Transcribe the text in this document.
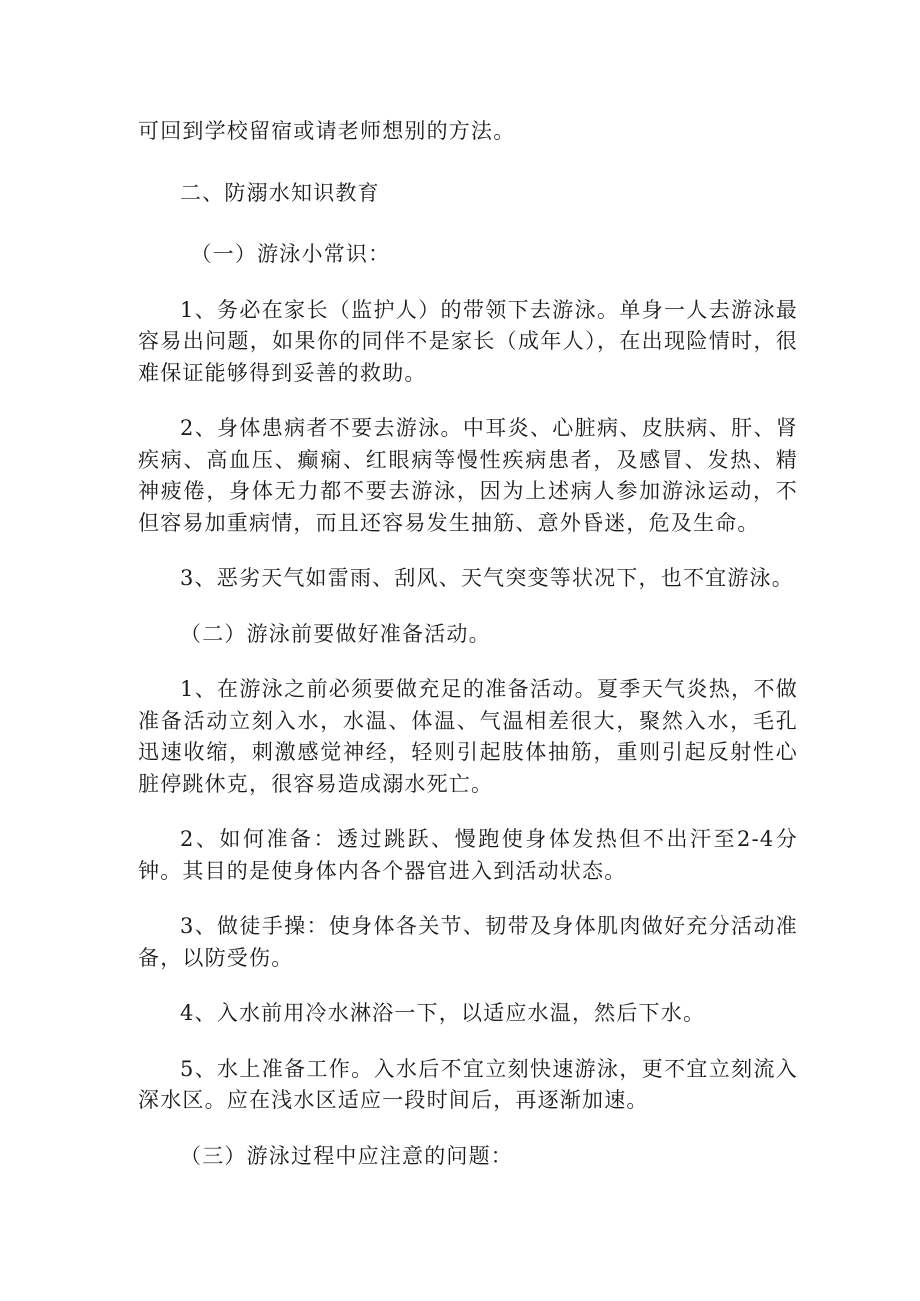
可回到学校留宿或请老师想别的方法。

二、防溺水知识教育

（一）游泳小常识：

1、务必在家长（监护人）的带领下去游泳。单身一人去游泳最容易出问题，如果你的同伴不是家长（成年人），在出现险情时，很难保证能够得到妥善的救助。

2、身体患病者不要去游泳。中耳炎、心脏病、皮肤病、肝、肾疾病、高血压、癫痫、红眼病等慢性疾病患者，及感冒、发热、精神疲倦，身体无力都不要去游泳，因为上述病人参加游泳运动，不但容易加重病情，而且还容易发生抽筋、意外昏迷，危及生命。

3、恶劣天气如雷雨、刮风、天气突变等状况下，也不宜游泳。

（二）游泳前要做好准备活动。

1、在游泳之前必须要做充足的准备活动。夏季天气炎热，不做准备活动立刻入水，水温、体温、气温相差很大，聚然入水，毛孔迅速收缩，刺激感觉神经，轻则引起肢体抽筋，重则引起反射性心脏停跳休克，很容易造成溺水死亡。

2、如何准备：透过跳跃、慢跑使身体发热但不出汗至2-4分钟。其目的是使身体内各个器官进入到活动状态。

3、做徒手操：使身体各关节、韧带及身体肌肉做好充分活动准备，以防受伤。

4、入水前用冷水淋浴一下，以适应水温，然后下水。

5、水上准备工作。入水后不宜立刻快速游泳，更不宜立刻流入深水区。应在浅水区适应一段时间后，再逐渐加速。

（三）游泳过程中应注意的问题：
